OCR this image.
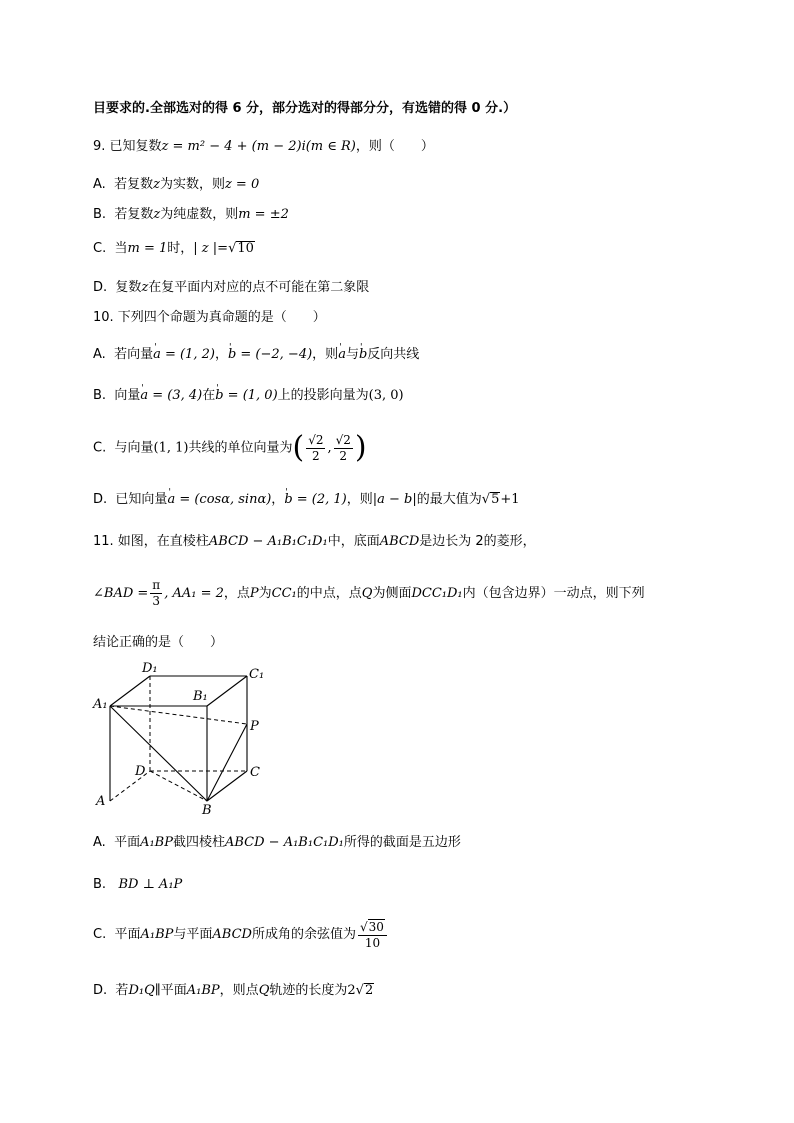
目要求的.全部选对的得 6 分，部分选对的得部分分，有选错的得 0 分.）
9. 已知复数z = m² − 4 + (m − 2)i(m ∈ R)，则（　　）
A. 若复数z为实数，则z = 0
B. 若复数z为纯虚数，则m = ±2
C. 当m = 1时，| z |=√10
D. 复数z在复平面内对应的点不可能在第二象限
10. 下列四个命题为真命题的是（　　）
A. 若向量' a = (1, 2)，' b = (−2, −4)，则' a与' b反向共线
B. 向量' a = (3, 4)在' b = (1, 0)上的投影向量为(3, 0)
C. 与向量(1, 1)共线的单位向量为( $\frac{√2}{2}$ , $\frac{√2}{2}$ )
D. 已知向量' a = (cosα, sinα)，' b = (2, 1)，则|a − b|的最大值为√5+1
11. 如图，在直棱柱ABCD − A₁B₁C₁D₁中，底面ABCD是边长为 2的菱形，
∠BAD = $\frac{\pi}{3}$ , AA₁ = 2，点P为CC₁的中点，点Q为侧面DCC₁D₁内（包含边界）一动点，则下列
结论正确的是（　　）
D₁	C₁
B₁
A₁
P
D	C
A
B
A. 平面A₁BP截四棱柱ABCD − A₁B₁C₁D₁所得的截面是五边形
B. BD ⊥ A₁P
C. 平面A₁BP与平面ABCD所成角的余弦值为 $\frac{√30}{10}$
D. 若D₁Q∥平面A₁BP，则点Q轨迹的长度为2√2
